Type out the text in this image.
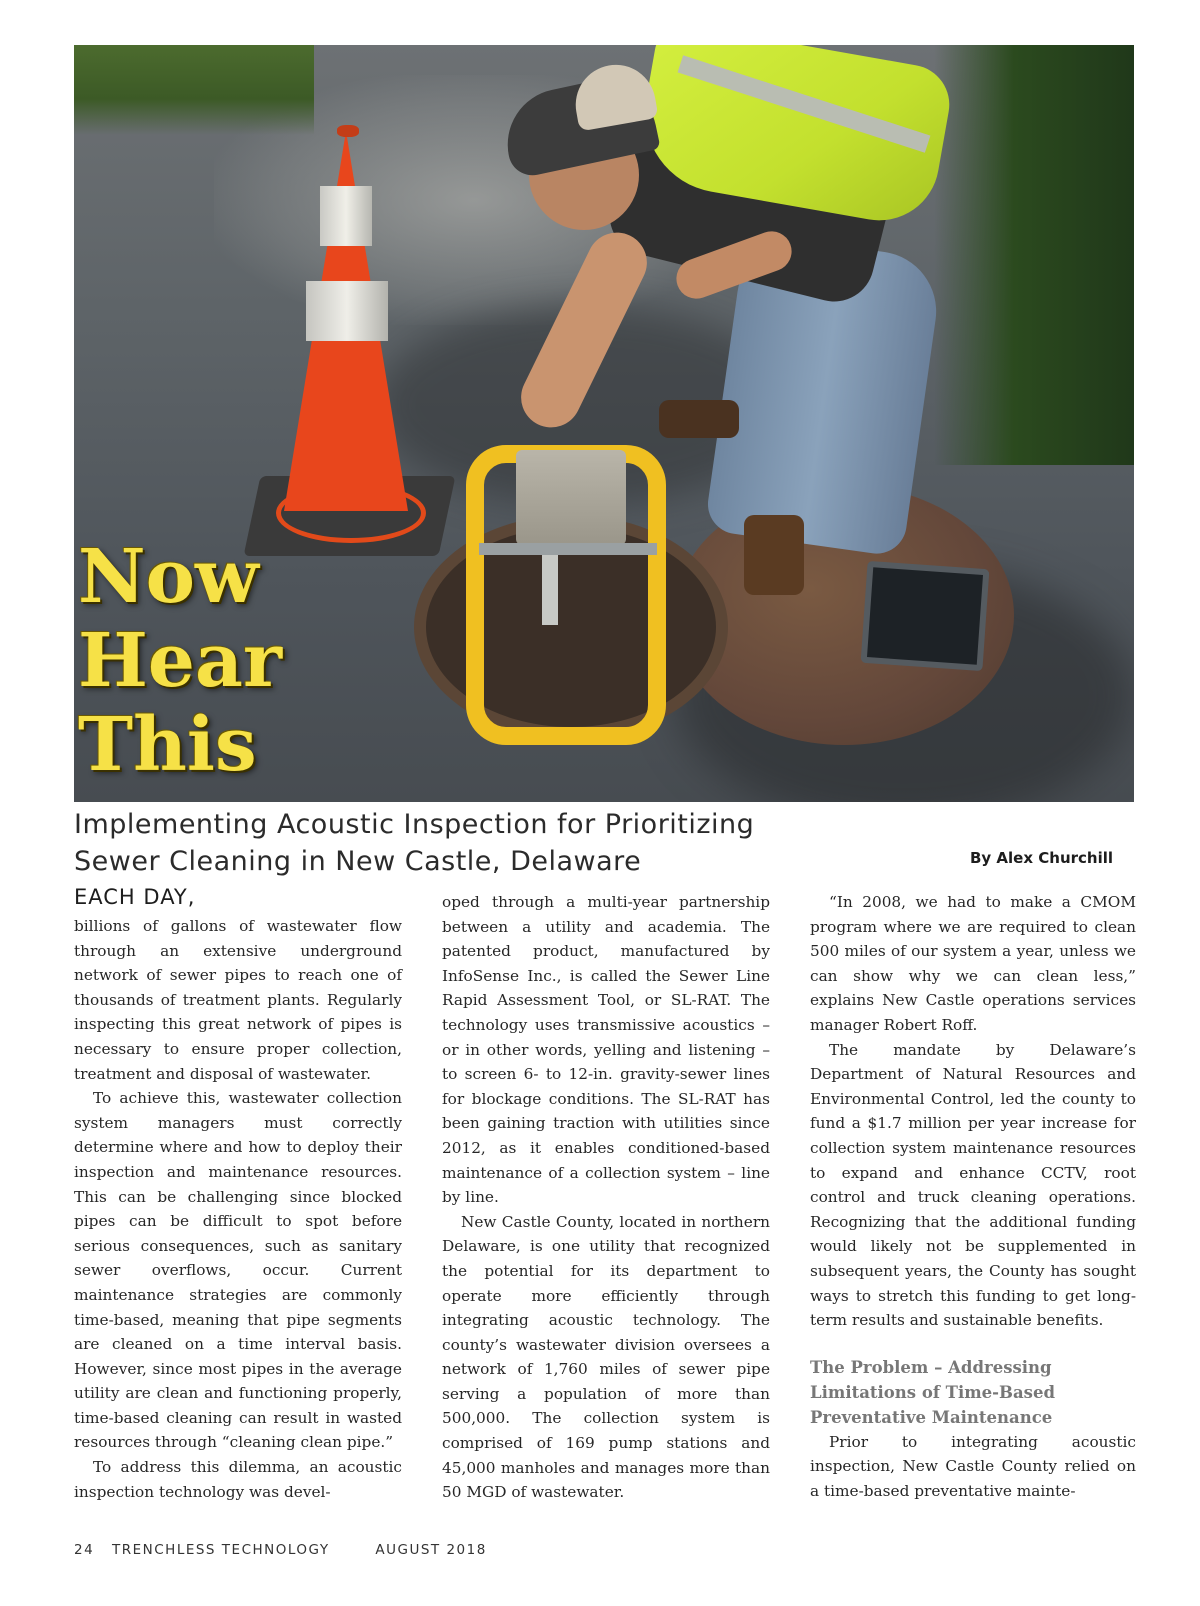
Now
Hear
This
Implementing Acoustic Inspection for Prioritizing
Sewer Cleaning in New Castle, Delaware	By Alex Churchill
EACH DAY,

billions of gallons of wastewater flow through an extensive underground network of sewer pipes to reach one of thousands of treatment plants. Regularly inspecting this great network of pipes is necessary to ensure proper collection, treatment and disposal of wastewater.

To achieve this, wastewater collection system managers must correctly determine where and how to deploy their inspection and maintenance resources. This can be challenging since blocked pipes can be difficult to spot before serious consequences, such as sanitary sewer overflows, occur. Current maintenance strategies are commonly time-based, meaning that pipe segments are cleaned on a time interval basis. However, since most pipes in the average utility are clean and functioning properly, time-based cleaning can result in wasted resources through “cleaning clean pipe.”

To address this dilemma, an acoustic inspection technology was devel-

oped through a multi-year partnership between a utility and academia. The patented product, manufactured by InfoSense Inc., is called the Sewer Line Rapid Assessment Tool, or SL-RAT. The technology uses transmissive acoustics – or in other words, yelling and listening – to screen 6- to 12-in. gravity-sewer lines for blockage conditions. The SL-RAT has been gaining traction with utilities since 2012, as it enables conditioned-based maintenance of a collection system – line by line.

New Castle County, located in northern Delaware, is one utility that recognized the potential for its department to operate more efficiently through integrating acoustic technology. The county’s wastewater division oversees a network of 1,760 miles of sewer pipe serving a population of more than 500,000. The collection system is comprised of 169 pump stations and 45,000 manholes and manages more than 50 MGD of wastewater.

“In 2008, we had to make a CMOM program where we are required to clean 500 miles of our system a year, unless we can show why we can clean less,” explains New Castle operations services manager Robert Roff.

The mandate by Delaware’s Department of Natural Resources and Environmental Control, led the county to fund a $1.7 million per year increase for collection system maintenance resources to expand and enhance CCTV, root control and truck cleaning operations. Recognizing that the additional funding would likely not be supplemented in subsequent years, the County has sought ways to stretch this funding to get long-term results and sustainable benefits.

The Problem – Addressing Limitations of Time-Based Preventative Maintenance

Prior to integrating acoustic inspection, New Castle County relied on a time-based preventative mainte-

24 TRENCHLESS TECHNOLOGY	AUGUST 2018
